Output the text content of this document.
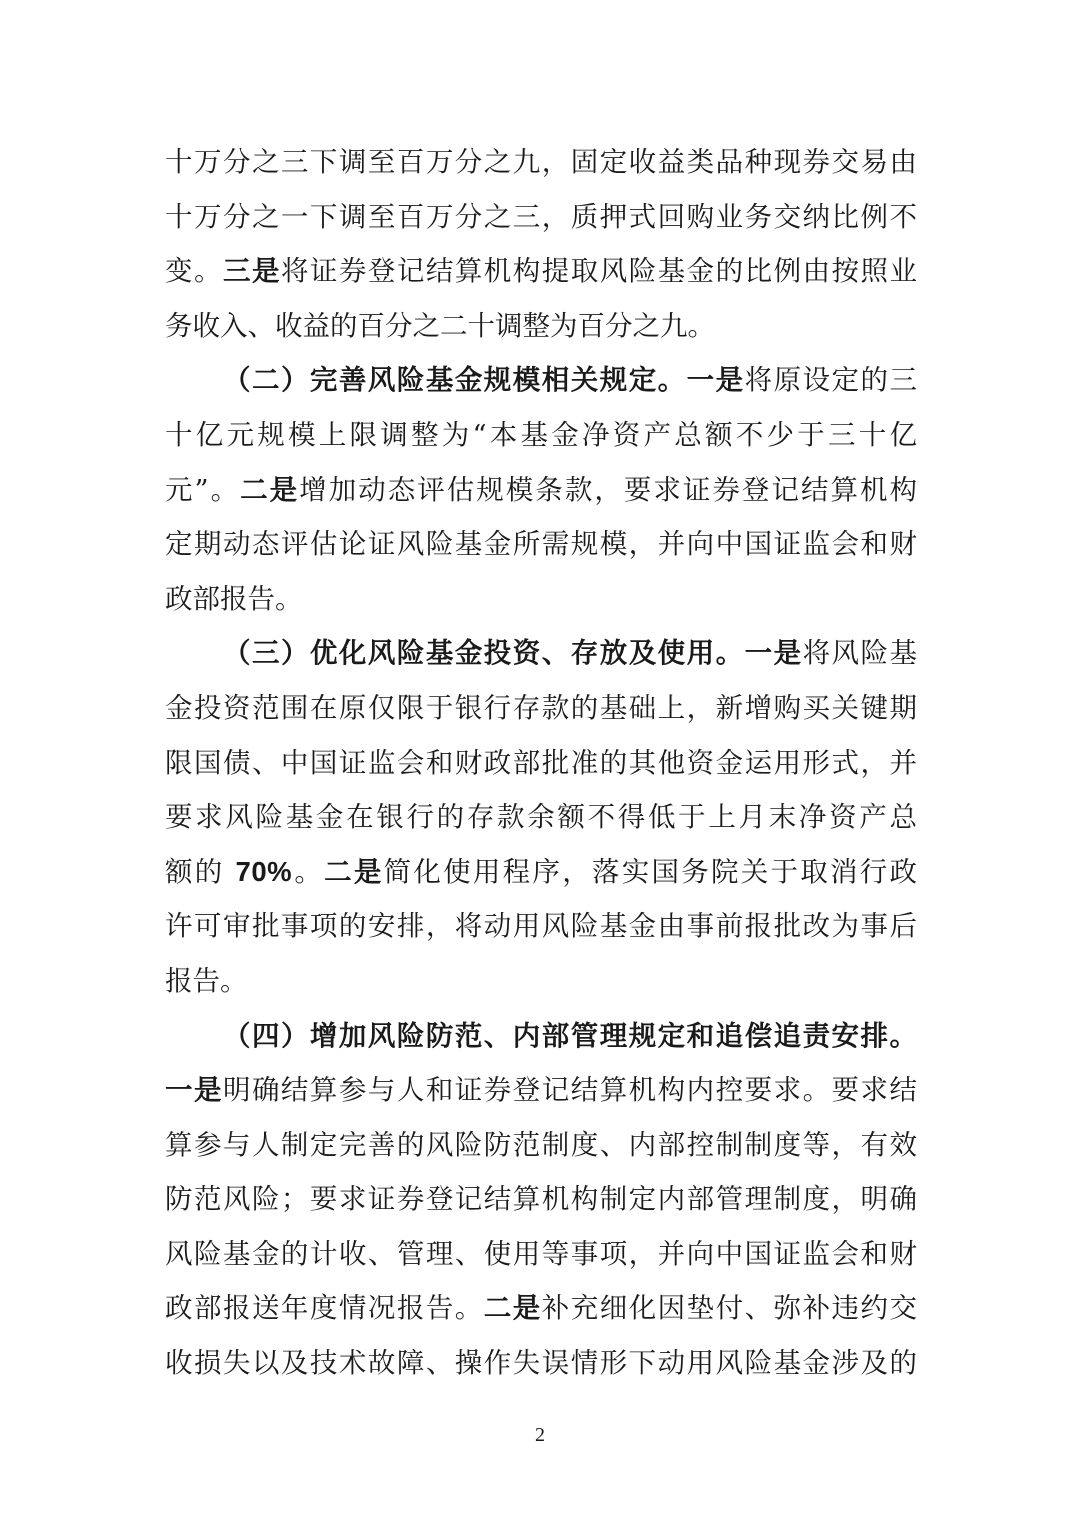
十万分之三下调至百万分之九，固定收益类品种现券交易由
十万分之一下调至百万分之三，质押式回购业务交纳比例不
变。三是将证券登记结算机构提取风险基金的比例由按照业
务收入、收益的百分之二十调整为百分之九。
（二）完善风险基金规模相关规定。一是将原设定的三
十亿元规模上限调整为“本基金净资产总额不少于三十亿
元”。二是增加动态评估规模条款，要求证券登记结算机构
定期动态评估论证风险基金所需规模，并向中国证监会和财
政部报告。
（三）优化风险基金投资、存放及使用。一是将风险基
金投资范围在原仅限于银行存款的基础上，新增购买关键期
限国债、中国证监会和财政部批准的其他资金运用形式，并
要求风险基金在银行的存款余额不得低于上月末净资产总
额的 70%。二是简化使用程序，落实国务院关于取消行政
许可审批事项的安排，将动用风险基金由事前报批改为事后
报告。
（四）增加风险防范、内部管理规定和追偿追责安排。
一是明确结算参与人和证券登记结算机构内控要求。要求结
算参与人制定完善的风险防范制度、内部控制制度等，有效
防范风险；要求证券登记结算机构制定内部管理制度，明确
风险基金的计收、管理、使用等事项，并向中国证监会和财
政部报送年度情况报告。二是补充细化因垫付、弥补违约交
收损失以及技术故障、操作失误情形下动用风险基金涉及的
2
